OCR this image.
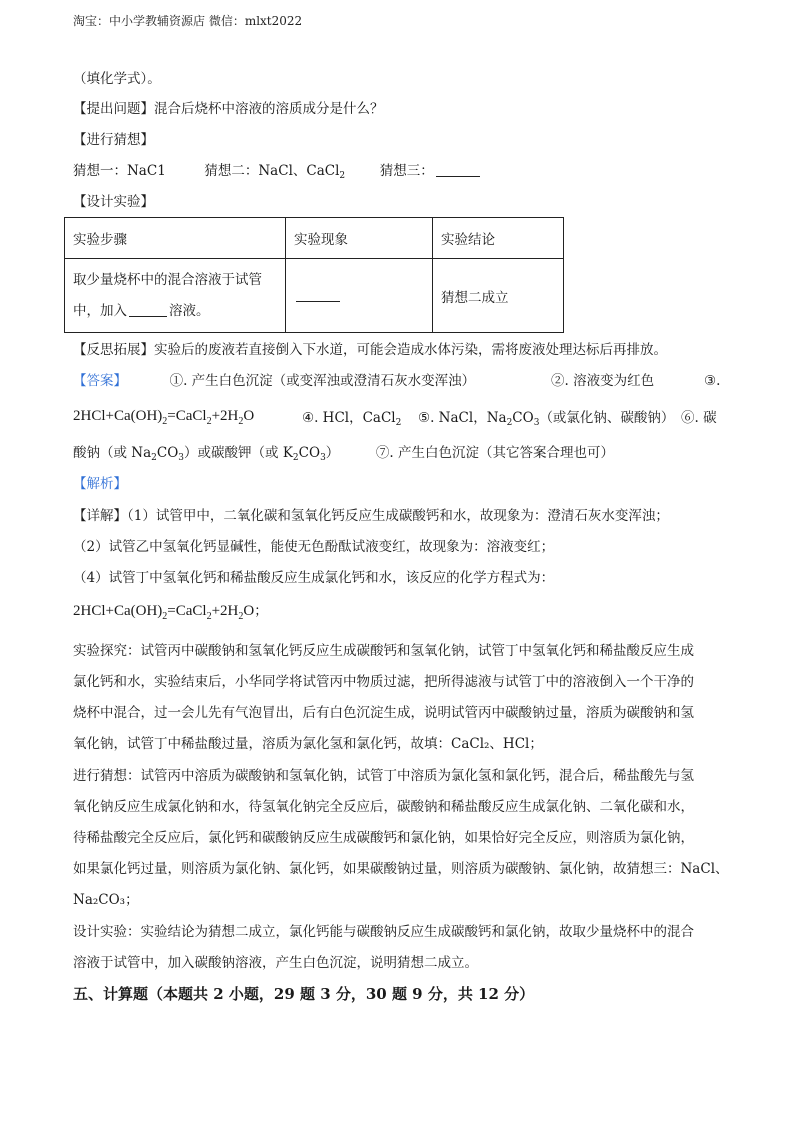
淘宝：中小学教辅资源店 微信：mlxt2022
（填化学式）。
【提出问题】混合后烧杯中溶液的溶质成分是什么？
【进行猜想】
猜想一：NaC1	猜想二：NaCl、CaCl$_2$	猜想三：
【设计实验】
实验步骤	实验现象	实验结论

取少量烧杯中的混合溶液于试管
中，加入 溶液。		猜想二成立
【反思拓展】实验后的废液若直接倒入下水道，可能会造成水体污染，需将废液处理达标后再排放。
【答案】	①. 产生白色沉淀（或变浑浊或澄清石灰水变浑浊）	②. 溶液变为红色	③.
$2HCl+Ca(OH)_2=CaCl_2+2H_2O$	④. HCl，CaCl$_2$ ⑤. NaCl，$Na_2CO_3$（或氯化钠、碳酸钠） ⑥. 碳
酸钠（或 $Na_2CO_3$）或碳酸钾（或 $K_2CO_3$）	⑦. 产生白色沉淀（其它答案合理也可）
【解析】
【详解】（1）试管甲中，二氧化碳和氢氧化钙反应生成碳酸钙和水，故现象为：澄清石灰水变浑浊；
（2）试管乙中氢氧化钙显碱性，能使无色酚酞试液变红，故现象为：溶液变红；
（4）试管丁中氢氧化钙和稀盐酸反应生成氯化钙和水，该反应的化学方程式为：
$2HCl+Ca(OH)_2=CaCl_2+2H_2O$；
实验探究：试管丙中碳酸钠和氢氧化钙反应生成碳酸钙和氢氧化钠，试管丁中氢氧化钙和稀盐酸反应生成
氯化钙和水，实验结束后，小华同学将试管丙中物质过滤，把所得滤液与试管丁中的溶液倒入一个干净的
烧杯中混合，过一会儿先有气泡冒出，后有白色沉淀生成，说明试管丙中碳酸钠过量，溶质为碳酸钠和氢
氧化钠，试管丁中稀盐酸过量，溶质为氯化氢和氯化钙，故填：CaCl₂、HCl；
进行猜想：试管丙中溶质为碳酸钠和氢氧化钠，试管丁中溶质为氯化氢和氯化钙，混合后，稀盐酸先与氢
氧化钠反应生成氯化钠和水，待氢氧化钠完全反应后，碳酸钠和稀盐酸反应生成氯化钠、二氧化碳和水，
待稀盐酸完全反应后，氯化钙和碳酸钠反应生成碳酸钙和氯化钠，如果恰好完全反应，则溶质为氯化钠，
如果氯化钙过量，则溶质为氯化钠、氯化钙，如果碳酸钠过量，则溶质为碳酸钠、氯化钠，故猜想三：NaCl、
Na₂CO₃；
设计实验：实验结论为猜想二成立，氯化钙能与碳酸钠反应生成碳酸钙和氯化钠，故取少量烧杯中的混合
溶液于试管中，加入碳酸钠溶液，产生白色沉淀，说明猜想二成立。
五、计算题（本题共 2 小题，29 题 3 分，30 题 9 分，共 12 分）
